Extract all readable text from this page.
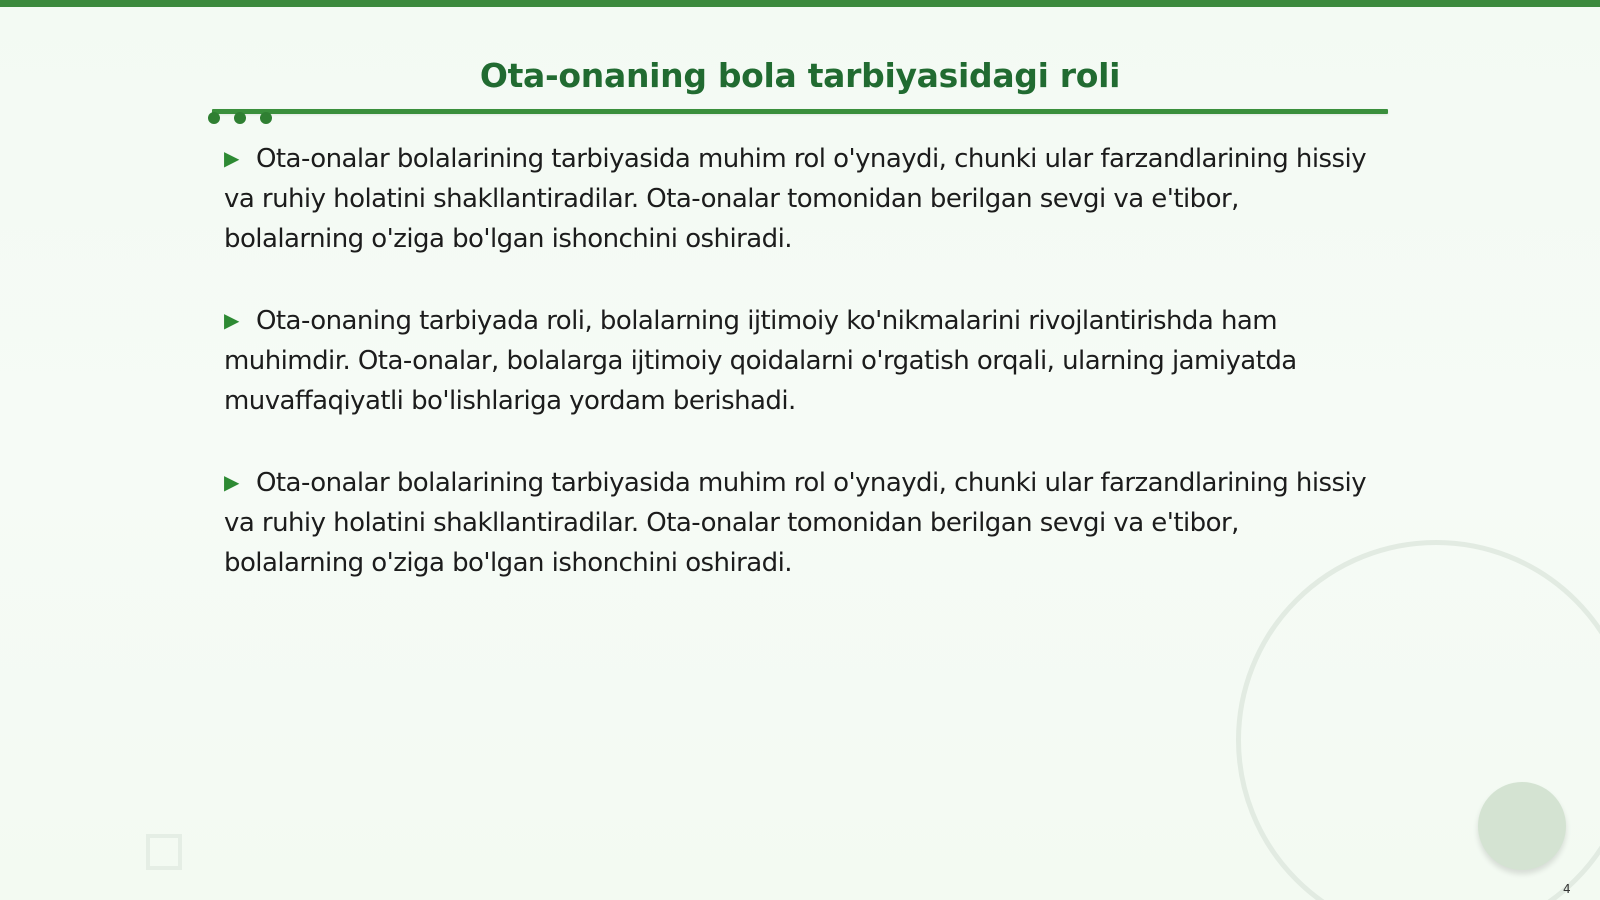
Ota-onaning bola tarbiyasidagi roli
▶ Ota-onalar bolalarining tarbiyasida muhim rol o'ynaydi, chunki ular farzandlarining hissiy va ruhiy holatini shakllantiradilar. Ota-onalar tomonidan berilgan sevgi va e'tibor, bolalarning o'ziga bo'lgan ishonchini oshiradi.
▶ Ota-onaning tarbiyada roli, bolalarning ijtimoiy ko'nikmalarini rivojlantirishda ham muhimdir. Ota-onalar, bolalarga ijtimoiy qoidalarni o'rgatish orqali, ularning jamiyatda muvaffaqiyatli bo'lishlariga yordam berishadi.
▶ Ota-onalar bolalarining tarbiyasida muhim rol o'ynaydi, chunki ular farzandlarining hissiy va ruhiy holatini shakllantiradilar. Ota-onalar tomonidan berilgan sevgi va e'tibor, bolalarning o'ziga bo'lgan ishonchini oshiradi.
4
